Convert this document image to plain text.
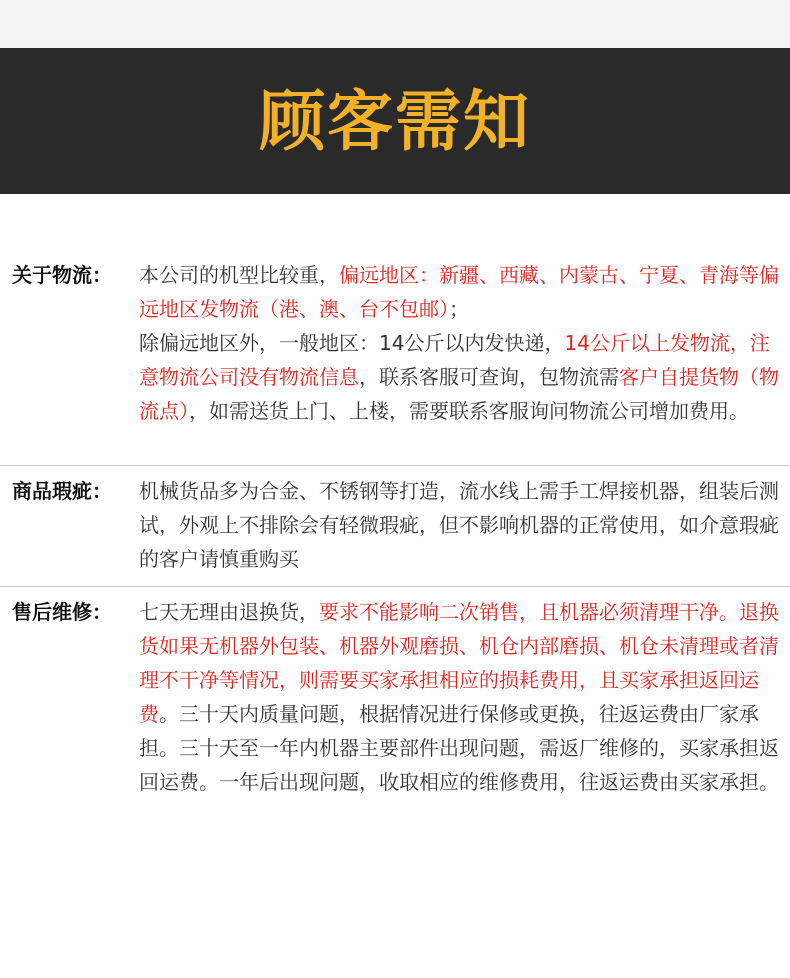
顾客需知
关于物流： 本公司的机型比较重，偏远地区：新疆、西藏、内蒙古、宁夏、青海等偏远地区发物流（港、澳、台不包邮）；
除偏远地区外，一般地区：14公斤以内发快递，14公斤以上发物流，注意物流公司没有物流信息，联系客服可查询，包物流需客户自提货物（物流点），如需送货上门、上楼，需要联系客服询问物流公司增加费用。
商品瑕疵： 机械货品多为合金、不锈钢等打造，流水线上需手工焊接机器，组装后测试，外观上不排除会有轻微瑕疵，但不影响机器的正常使用，如介意瑕疵的客户请慎重购买
售后维修： 七天无理由退换货，要求不能影响二次销售，且机器必须清理干净。退换货如果无机器外包装、机器外观磨损、机仓内部磨损、机仓未清理或者清理不干净等情况，则需要买家承担相应的损耗费用，且买家承担返回运费。三十天内质量问题，根据情况进行保修或更换，往返运费由厂家承担。三十天至一年内机器主要部件出现问题，需返厂维修的，买家承担返回运费。一年后出现问题，收取相应的维修费用，往返运费由买家承担。
